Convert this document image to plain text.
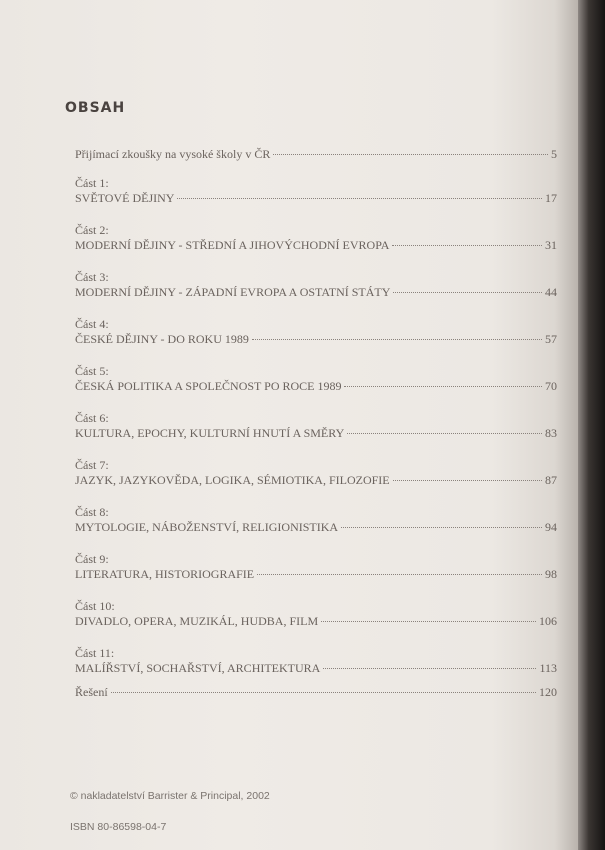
OBSAH
Přijímací zkoušky na vysoké školy v ČR	5
Část 1:
SVĚTOVÉ DĚJINY	17
Část 2:
MODERNÍ DĚJINY - STŘEDNÍ A JIHOVÝCHODNÍ EVROPA	31
Část 3:
MODERNÍ DĚJINY - ZÁPADNÍ EVROPA A OSTATNÍ STÁTY	44
Část 4:
ČESKÉ DĚJINY - DO ROKU 1989	57
Část 5:
ČESKÁ POLITIKA A SPOLEČNOST PO ROCE 1989	70
Část 6:
KULTURA, EPOCHY, KULTURNÍ HNUTÍ A SMĚRY	83
Část 7:
JAZYK, JAZYKOVĚDA, LOGIKA, SÉMIOTIKA, FILOZOFIE	87
Část 8:
MYTOLOGIE, NÁBOŽENSTVÍ, RELIGIONISTIKA	94
Část 9:
LITERATURA, HISTORIOGRAFIE	98
Část 10:
DIVADLO, OPERA, MUZIKÁL, HUDBA, FILM	106
Část 11:
MALÍŘSTVÍ, SOCHAŘSTVÍ, ARCHITEKTURA	113
Řešení	120
© nakladatelství Barrister & Principal, 2002
ISBN 80-86598-04-7
